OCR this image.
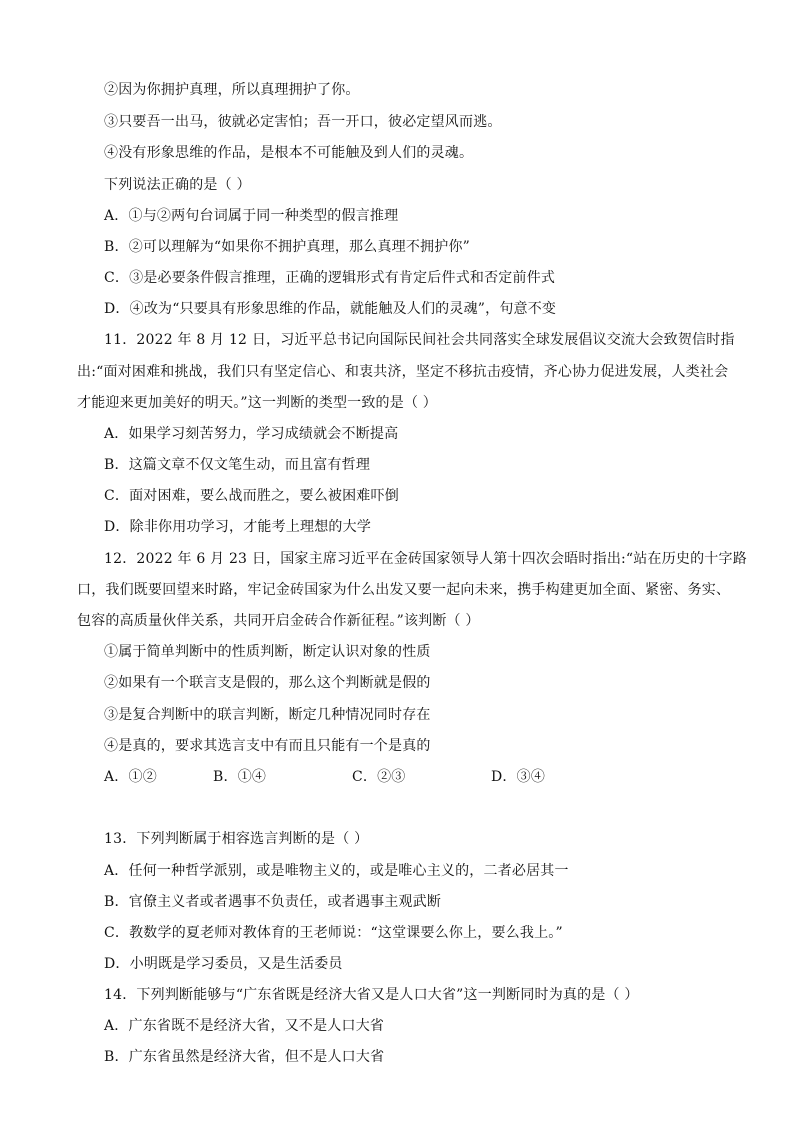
②因为你拥护真理，所以真理拥护了你。
③只要吾一出马，彼就必定害怕；吾一开口，彼必定望风而逃。
④没有形象思维的作品，是根本不可能触及到人们的灵魂。
下列说法正确的是（ ）
A．①与②两句台词属于同一种类型的假言推理
B．②可以理解为“如果你不拥护真理，那么真理不拥护你”
C．③是必要条件假言推理，正确的逻辑形式有肯定后件式和否定前件式
D．④改为“只要具有形象思维的作品，就能触及人们的灵魂”，句意不变
11．2022 年 8 月 12 日，习近平总书记向国际民间社会共同落实全球发展倡议交流大会致贺信时指
出:“面对困难和挑战，我们只有坚定信心、和衷共济，坚定不移抗击疫情，齐心协力促进发展，人类社会
才能迎来更加美好的明天。”这一判断的类型一致的是（ ）
A．如果学习刻苦努力，学习成绩就会不断提高
B．这篇文章不仅文笔生动，而且富有哲理
C．面对困难，要么战而胜之，要么被困难吓倒
D．除非你用功学习，才能考上理想的大学
12．2022 年 6 月 23 日，国家主席习近平在金砖国家领导人第十四次会晤时指出:“站在历史的十字路
口，我们既要回望来时路，牢记金砖国家为什么出发又要一起向未来，携手构建更加全面、紧密、务实、
包容的高质量伙伴关系，共同开启金砖合作新征程。”该判断（ ）
①属于简单判断中的性质判断，断定认识对象的性质
②如果有一个联言支是假的，那么这个判断就是假的
③是复合判断中的联言判断，断定几种情况同时存在
④是真的，要求其选言支中有而且只能有一个是真的
A．①②	B．①④	C．②③	D．③④
13．下列判断属于相容选言判断的是（ ）
A．任何一种哲学派别，或是唯物主义的，或是唯心主义的，二者必居其一
B．官僚主义者或者遇事不负责任，或者遇事主观武断
C．教数学的夏老师对教体育的王老师说：“这堂课要么你上，要么我上。”
D．小明既是学习委员，又是生活委员
14．下列判断能够与“广东省既是经济大省又是人口大省”这一判断同时为真的是（ ）
A．广东省既不是经济大省，又不是人口大省
B．广东省虽然是经济大省，但不是人口大省
